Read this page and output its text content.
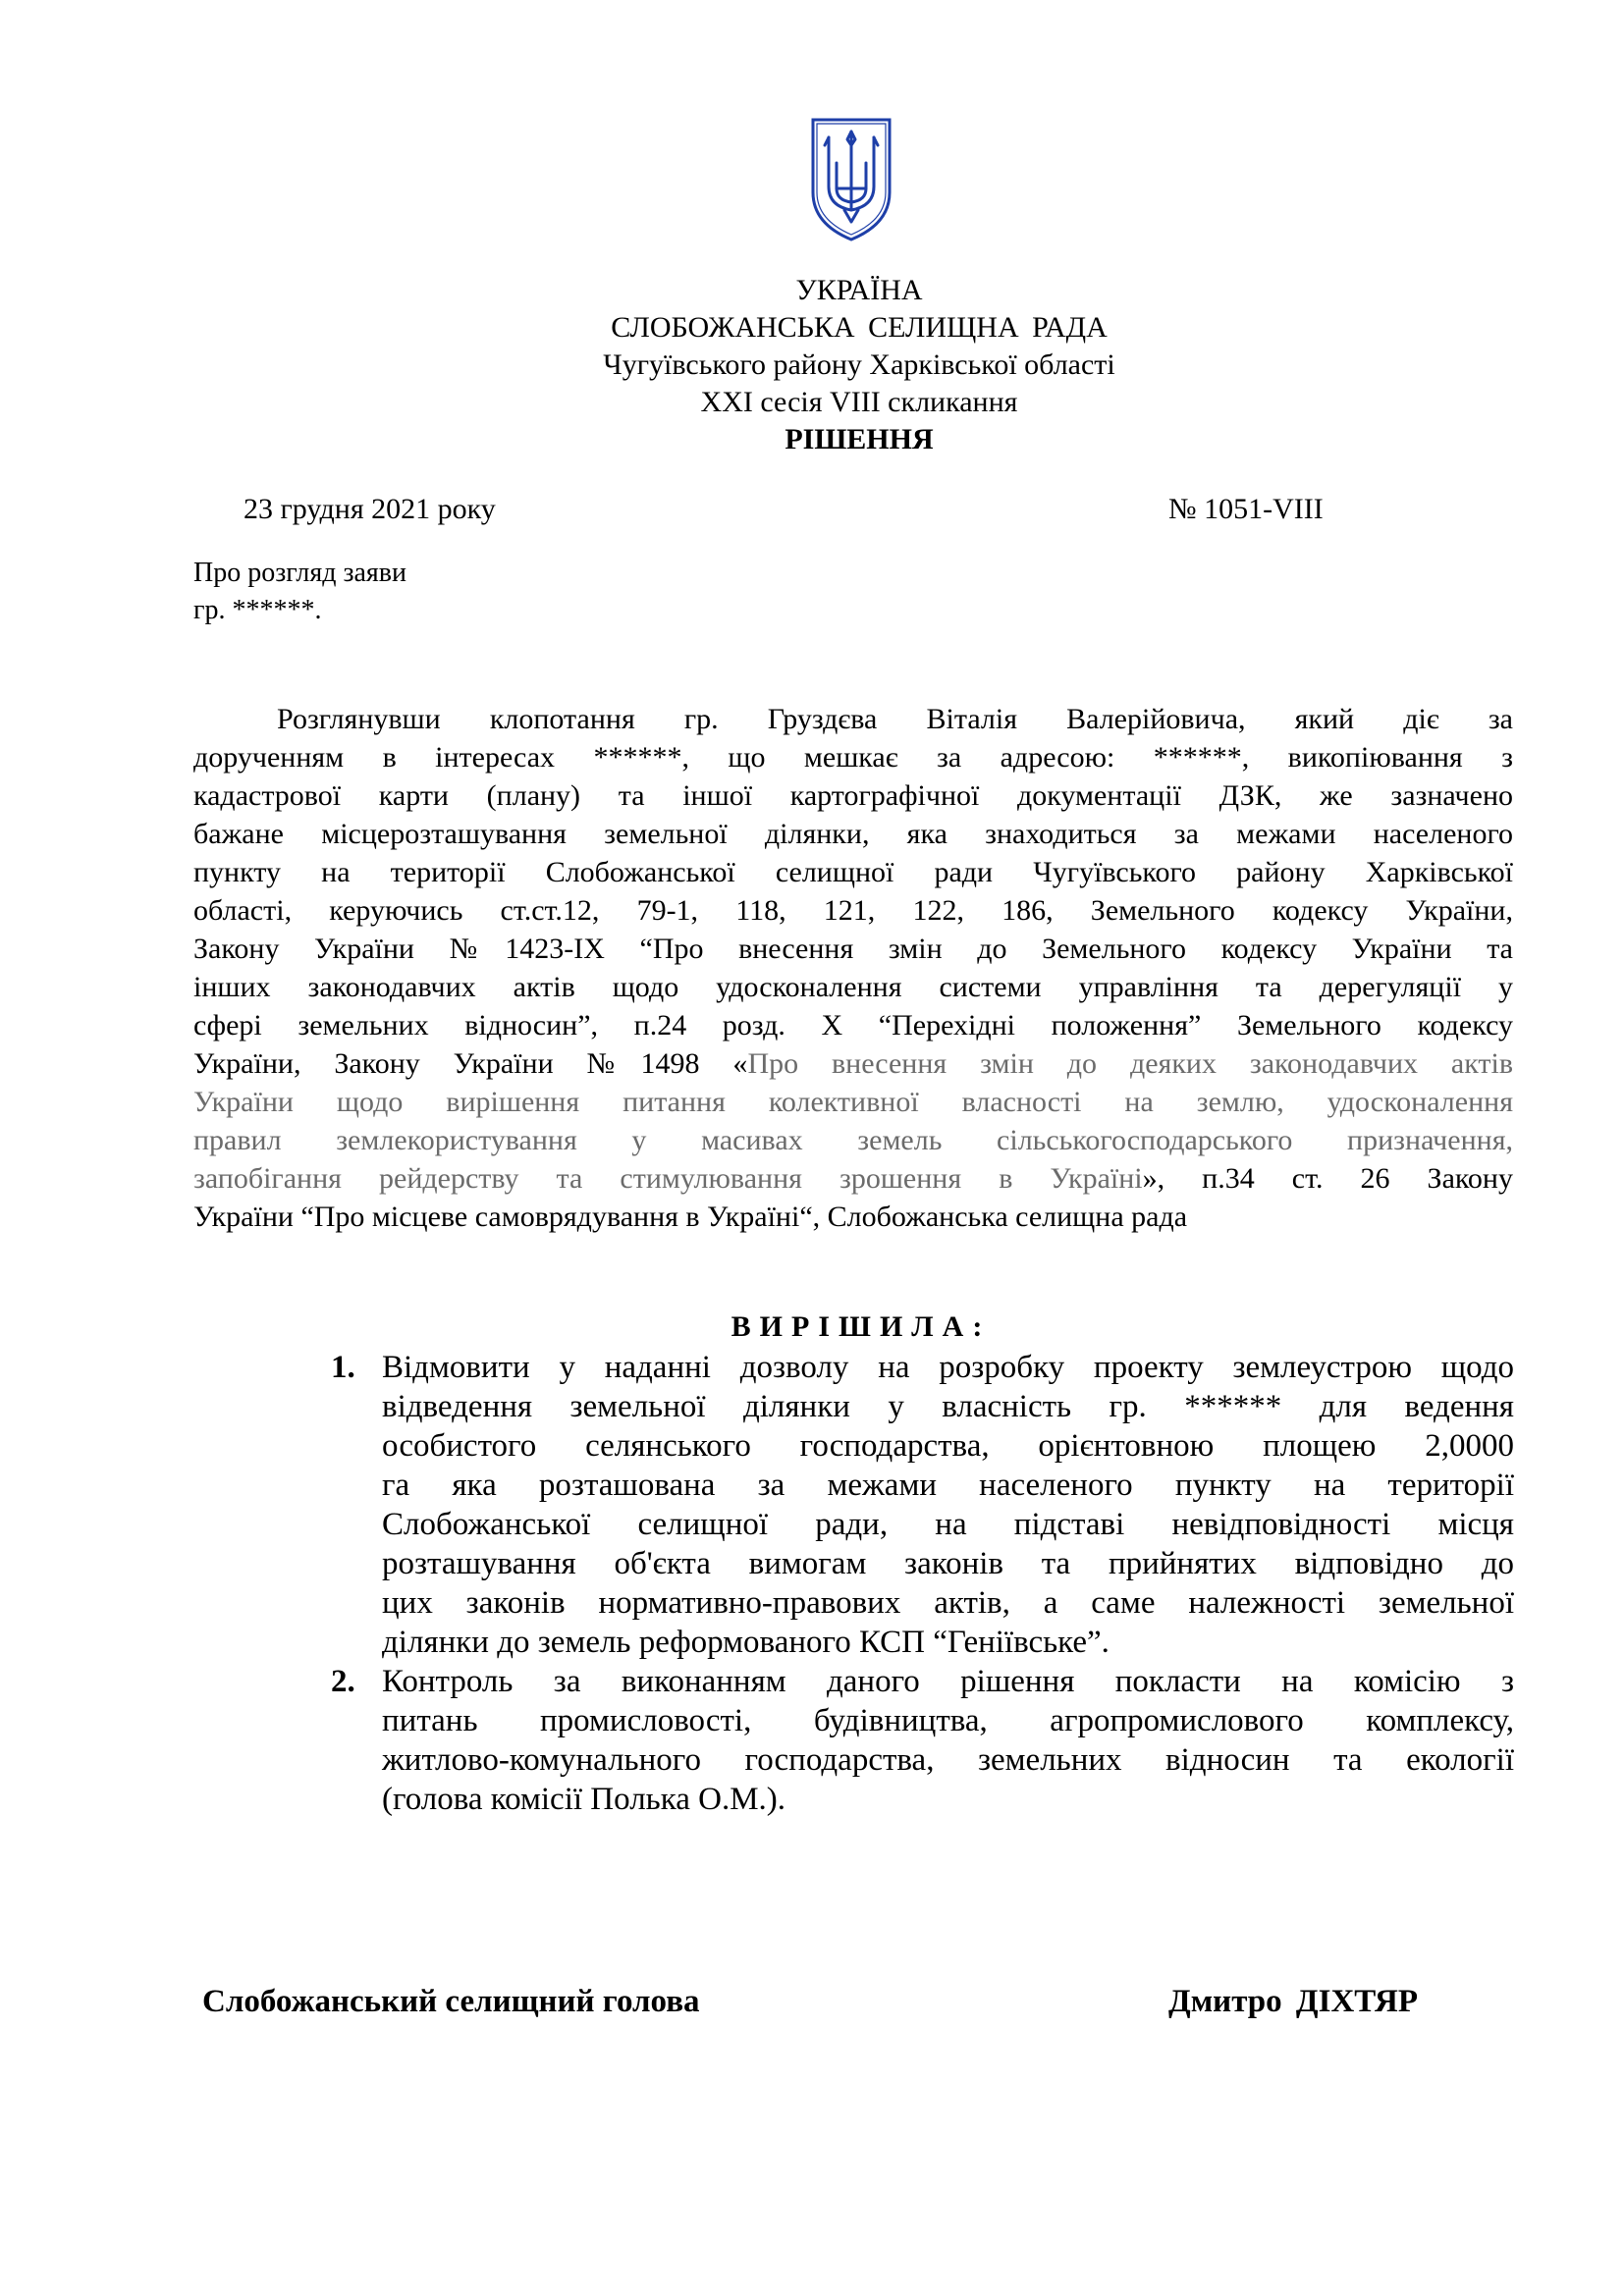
УКРАЇНА
СЛОБОЖАНСЬКА СЕЛИЩНА РАДА
Чугуївського району Харківської області
XXI сесія VIII скликання
РІШЕННЯ
23 грудня 2021 року	№ 1051-VIII
Про розгляд заяви
гр. ******.
Розглянувши клопотання гр. Груздєва Віталія Валерійовича, який діє за
дорученням в інтересах ******, що мешкає за адресою: ******, викопіювання з
кадастрової карти (плану) та іншої картографічної документації ДЗК, же зазначено
бажане місцерозташування земельної ділянки, яка знаходиться за межами населеного
пункту на території Слобожанської селищної ради Чугуївського району Харківської
області, керуючись ст.ст.12, 79-1, 118, 121, 122, 186, Земельного кодексу України,
Закону України №1423-ІХ “Про внесення змін до Земельного кодексу України та
інших законодавчих актів щодо удосконалення системи управління та дерегуляції у
сфері земельних відносин”, п.24 розд. Х “Перехідні положення” Земельного кодексу
України, Закону України №1498 «Про внесення змін до деяких законодавчих актів
України щодо вирішення питання колективної власності на землю, удосконалення
правил землекористування у масивах земель сільськогосподарського призначення,
запобігання рейдерству та стимулювання зрошення в Україні», п.34 ст. 26 Закону
України “Про місцеве самоврядування в Україні“, Слобожанська селищна рада
ВИРІШИЛА:
1. Відмовити у наданні дозволу на розробку проекту землеустрою щодо
відведення земельної ділянки у власність гр. ****** для ведення
особистого селянського господарства, орієнтовною площею 2,0000
га яка розташована за межами населеного пункту на території
Слобожанської селищної ради, на підставі невідповідності місця
розташування об'єкта вимогам законів та прийнятих відповідно до
цих законів нормативно-правових актів, а саме належності земельної
ділянки до земель реформованого КСП “Геніївське”.
2. Контроль за виконанням даного рішення покласти на комісію з
питань промисловості, будівництва, агропромислового комплексу,
житлово-комунального господарства, земельних відносин та екології
(голова комісії Полька О.М.).
Слобожанський селищний голова	Дмитро ДІХТЯР
